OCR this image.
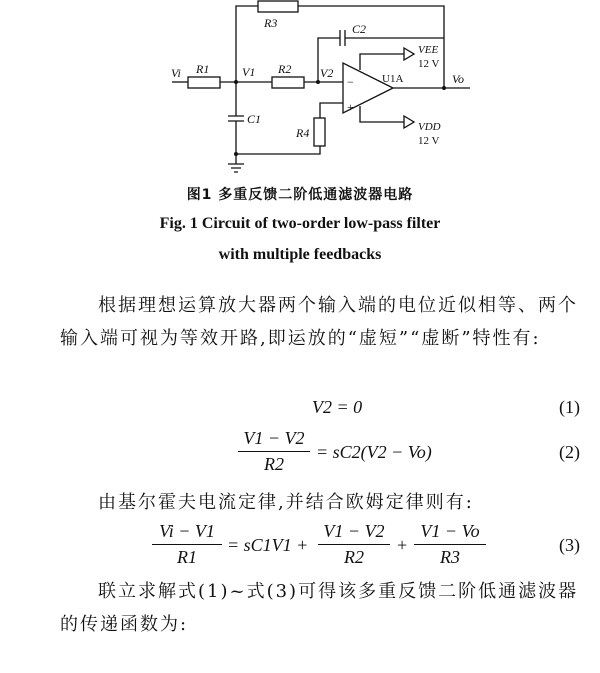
R3	C2
VEE
12 V
Vi R1	V1 R2 V2
−
+
U1A	Vo
C1
R4	VDD
12 V
图1 多重反馈二阶低通滤波器电路
Fig. 1 Circuit of two-order low-pass filter
with multiple feedbacks
根据理想运算放大器两个输入端的电位近似相等、两个输入端可视为等效开路,即运放的“虚短”“虚断”特性有:
V2 = 0	(1)
V1 − V2
R2
= sC2(V2 − Vo)	(2)
由基尔霍夫电流定律,并结合欧姆定律则有:
Vi − V1
R1
= sC1V1 +
V1 − V2
R2
+
V1 − Vo
R3
(3)
联立求解式(1)~式(3)可得该多重反馈二阶低通滤波器的传递函数为:
